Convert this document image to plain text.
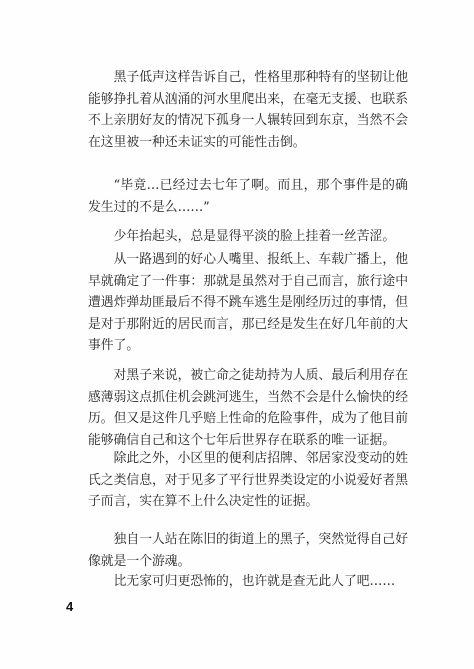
黑子低声这样告诉自己，性格里那种特有的坚韧让他
能够挣扎着从汹涌的河水里爬出来，在毫无支援、也联系
不上亲朋好友的情况下孤身一人辗转回到东京，当然不会
在这里被一种还未证实的可能性击倒。
“毕竟…已经过去七年了啊。而且，那个事件是的确
发生过的不是么……”
少年抬起头，总是显得平淡的脸上挂着一丝苦涩。
从一路遇到的好心人嘴里、报纸上、车载广播上，他
早就确定了一件事：那就是虽然对于自己而言，旅行途中
遭遇炸弹劫匪最后不得不跳车逃生是刚经历过的事情，但
是对于那附近的居民而言，那已经是发生在好几年前的大
事件了。
对黑子来说，被亡命之徒劫持为人质、最后利用存在
感薄弱这点抓住机会跳河逃生，当然不会是什么愉快的经
历。但又是这件几乎赔上性命的危险事件，成为了他目前
能够确信自己和这个七年后世界存在联系的唯一证据。
除此之外，小区里的便利店招牌、邻居家没变动的姓
氏之类信息，对于见多了平行世界类设定的小说爱好者黑
子而言，实在算不上什么决定性的证据。
独自一人站在陈旧的街道上的黑子，突然觉得自己好
像就是一个游魂。
比无家可归更恐怖的，也许就是查无此人了吧……
4
